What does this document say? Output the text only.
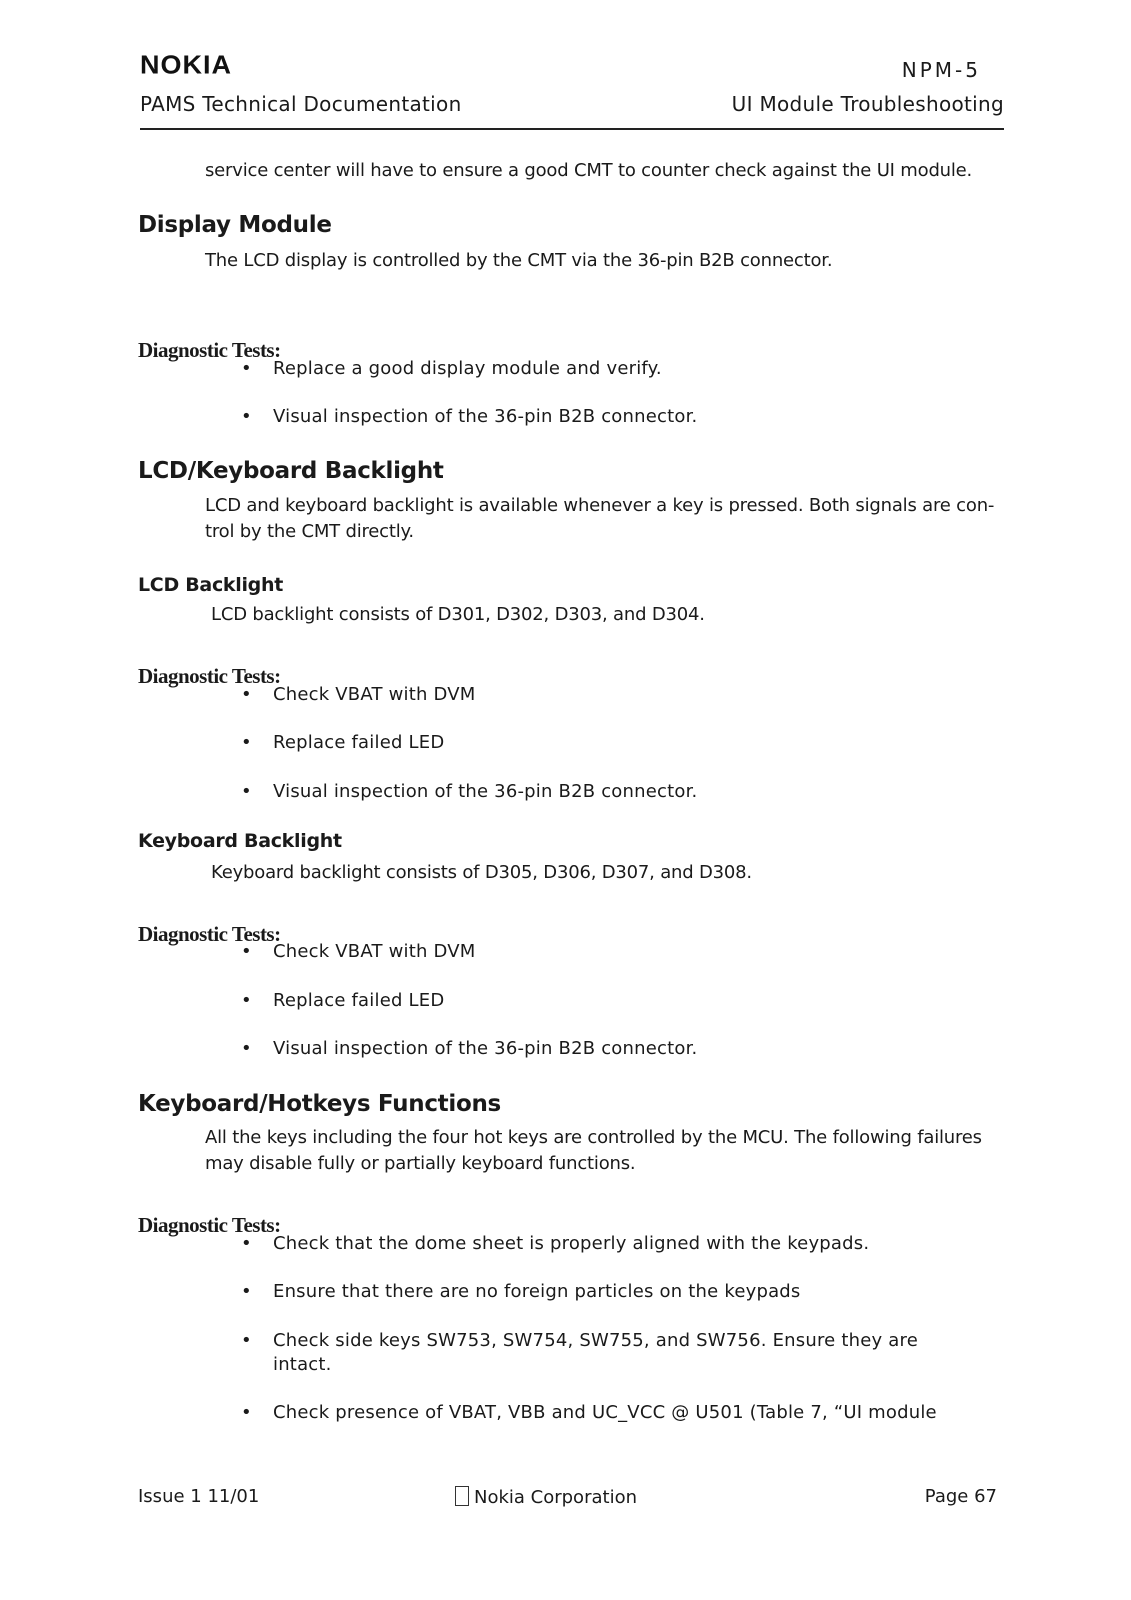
NOKIA	NPM-5
PAMS Technical Documentation	UI Module Troubleshooting
service center will have to ensure a good CMT to counter check against the UI module.
Display Module
The LCD display is controlled by the CMT via the 36-pin B2B connector.
Diagnostic Tests:
• Replace a good display module and verify.
• Visual inspection of the 36-pin B2B connector.
LCD/Keyboard Backlight
LCD and keyboard backlight is available whenever a key is pressed. Both signals are con-
trol by the CMT directly.
LCD Backlight
LCD backlight consists of D301, D302, D303, and D304.
Diagnostic Tests:
• Check VBAT with DVM
• Replace failed LED
• Visual inspection of the 36-pin B2B connector.
Keyboard Backlight
Keyboard backlight consists of D305, D306, D307, and D308.
Diagnostic Tests:
• Check VBAT with DVM
• Replace failed LED
• Visual inspection of the 36-pin B2B connector.
Keyboard/Hotkeys Functions
All the keys including the four hot keys are controlled by the MCU. The following failures
may disable fully or partially keyboard functions.
Diagnostic Tests:
• Check that the dome sheet is properly aligned with the keypads.
• Ensure that there are no foreign particles on the keypads
• Check side keys SW753, SW754, SW755, and SW756. Ensure they are intact.
• Check presence of VBAT, VBB and UC_VCC @ U501 (Table 7, “UI module
Issue 1 11/01	Nokia Corporation	Page 67
